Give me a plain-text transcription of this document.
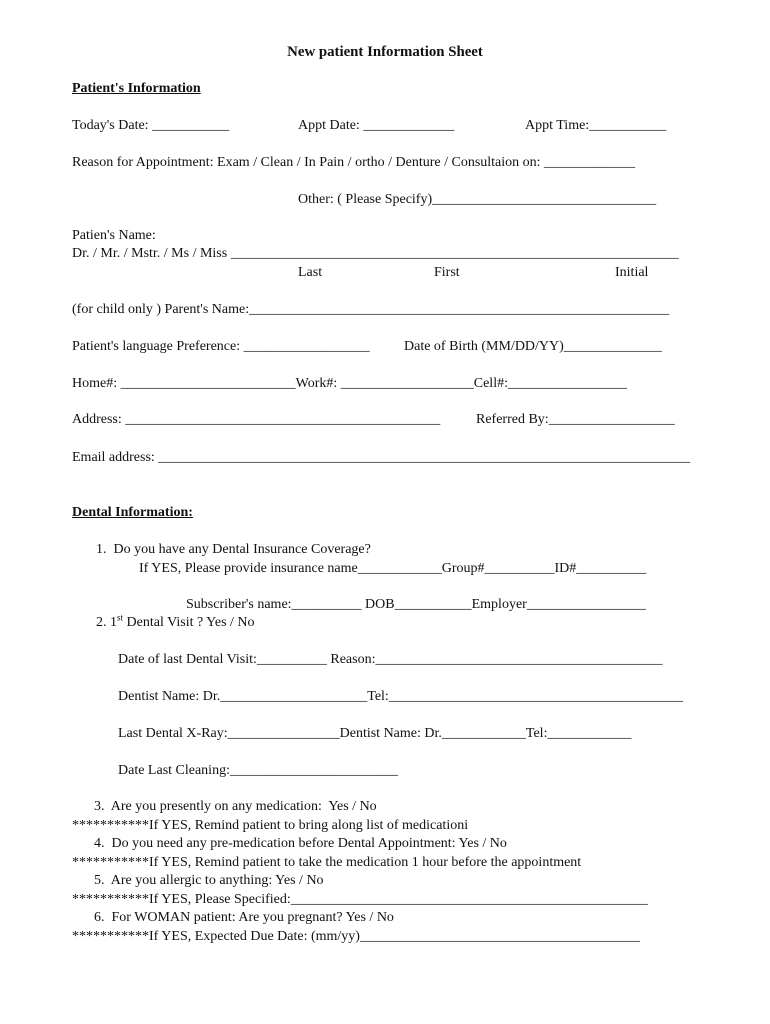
New patient Information Sheet
Patient's Information
Today's Date: ___________	Appt Date: _____________	Appt Time:___________
Reason for Appointment: Exam / Clean / In Pain / ortho / Denture / Consultaion on: _____________
Other: ( Please Specify)________________________________
Patien's Name:
Dr. / Mr. / Mstr. / Ms / Miss ________________________________________________________________
Last	First	Initial
(for child only ) Parent's Name:____________________________________________________________
Patient's language Preference: __________________ Date of Birth (MM/DD/YY)______________
Home#: _________________________Work#: ___________________Cell#:_________________
Address: _____________________________________________	Referred By:__________________
Email address: ____________________________________________________________________________
Dental Information:
1.  Do you have any Dental Insurance Coverage?
If YES, Please provide insurance name____________Group#__________ID#__________
Subscriber's name:__________ DOB___________Employer_________________
2. 1st Dental Visit ? Yes / No
Date of last Dental Visit:__________ Reason:_________________________________________
Dentist Name: Dr._____________________Tel:__________________________________________
Last Dental X-Ray:________________Dentist Name: Dr.____________Tel:____________
Date Last Cleaning:________________________
3.  Are you presently on any medication:  Yes / No
***********If YES, Remind patient to bring along list of medicationi
4.  Do you need any pre-medication before Dental Appointment: Yes / No
***********If YES, Remind patient to take the medication 1 hour before the appointment
5.  Are you allergic to anything: Yes / No
***********If YES, Please Specified:___________________________________________________
6.  For WOMAN patient: Are you pregnant? Yes / No
***********If YES, Expected Due Date: (mm/yy)________________________________________
